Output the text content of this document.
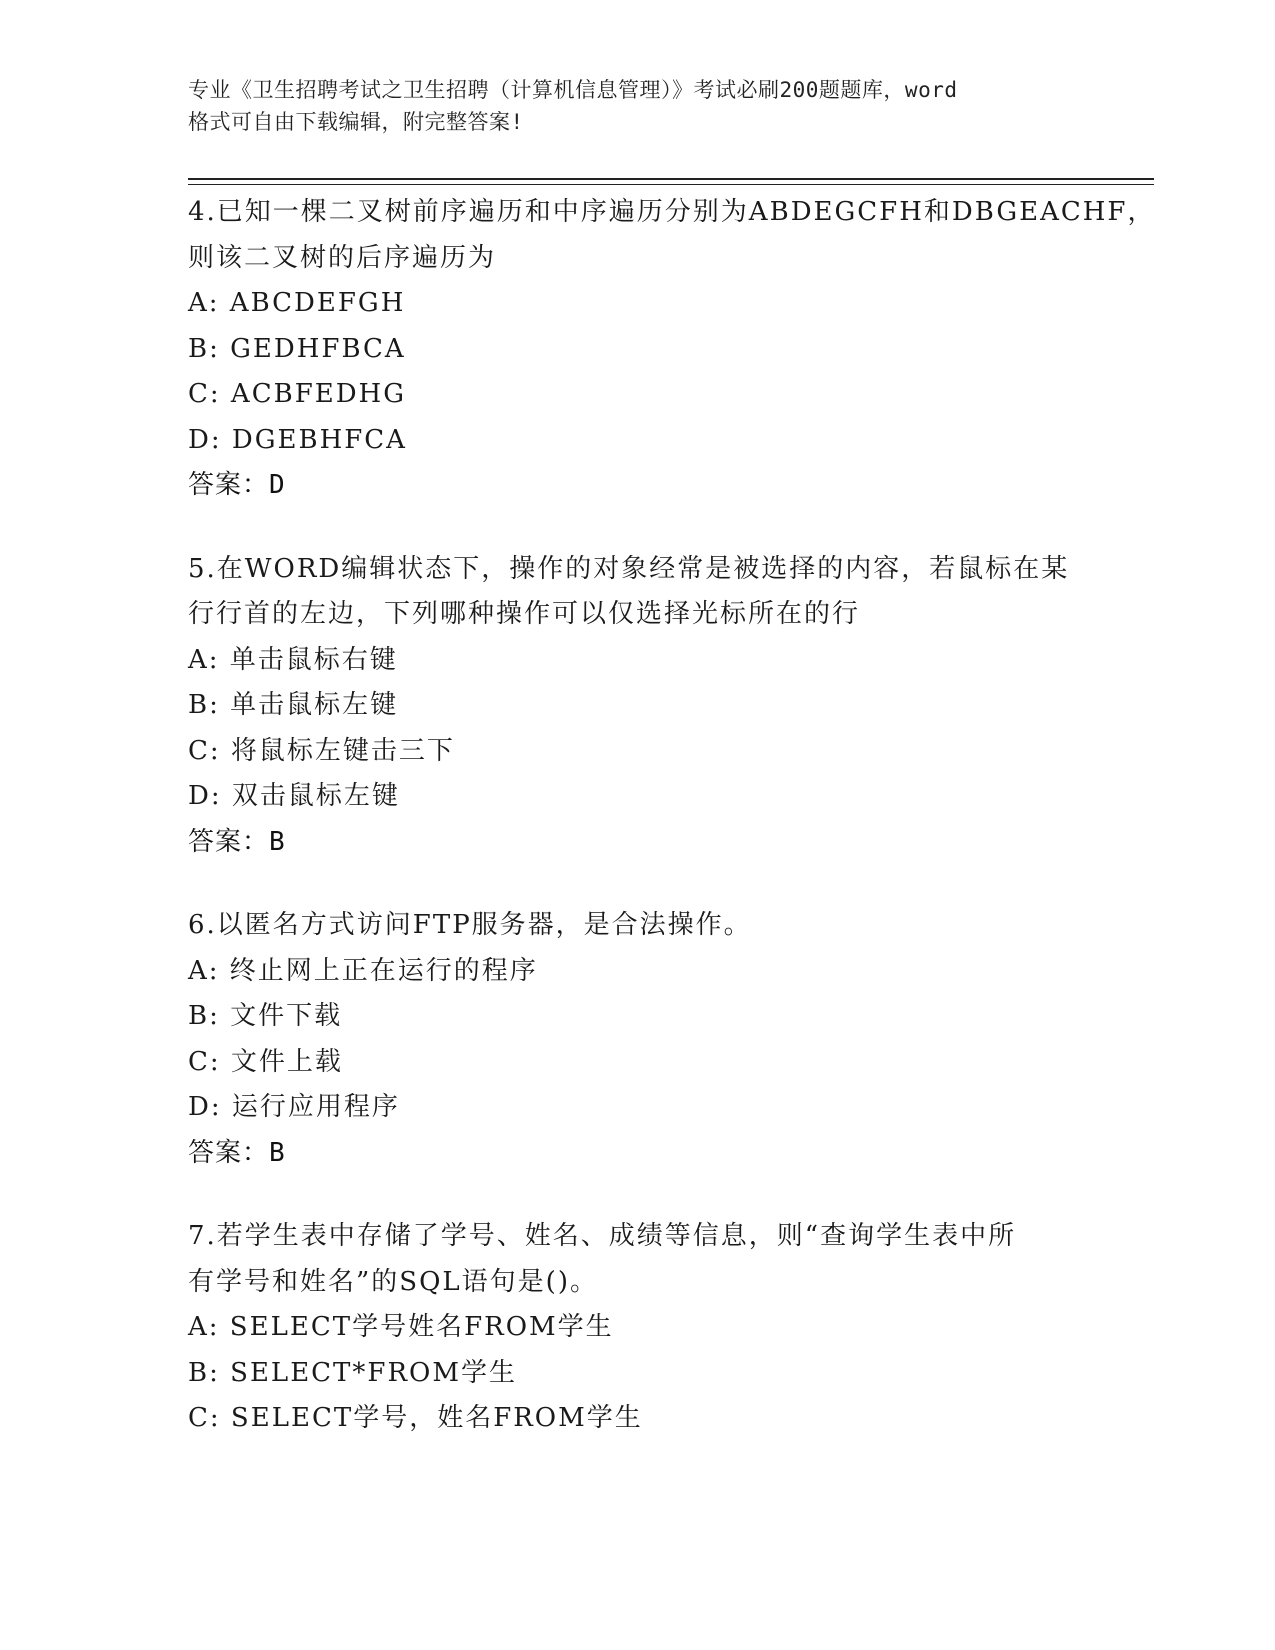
专业《卫生招聘考试之卫生招聘（计算机信息管理）》考试必刷200题题库，word
格式可自由下载编辑，附完整答案!
4.已知一棵二叉树前序遍历和中序遍历分别为ABDEGCFH和DBGEACHF，
则该二叉树的后序遍历为
A: ABCDEFGH
B: GEDHFBCA
C: ACBFEDHG
D: DGEBHFCA
答案：D
5.在WORD编辑状态下，操作的对象经常是被选择的内容，若鼠标在某
行行首的左边，下列哪种操作可以仅选择光标所在的行
A: 单击鼠标右键
B: 单击鼠标左键
C: 将鼠标左键击三下
D: 双击鼠标左键
答案：B
6.以匿名方式访问FTP服务器，是合法操作。
A: 终止网上正在运行的程序
B: 文件下载
C: 文件上载
D: 运行应用程序
答案：B
7.若学生表中存储了学号、姓名、成绩等信息，则“查询学生表中所
有学号和姓名”的SQL语句是()。
A: SELECT学号姓名FROM学生
B: SELECT*FROM学生
C: SELECT学号，姓名FROM学生
